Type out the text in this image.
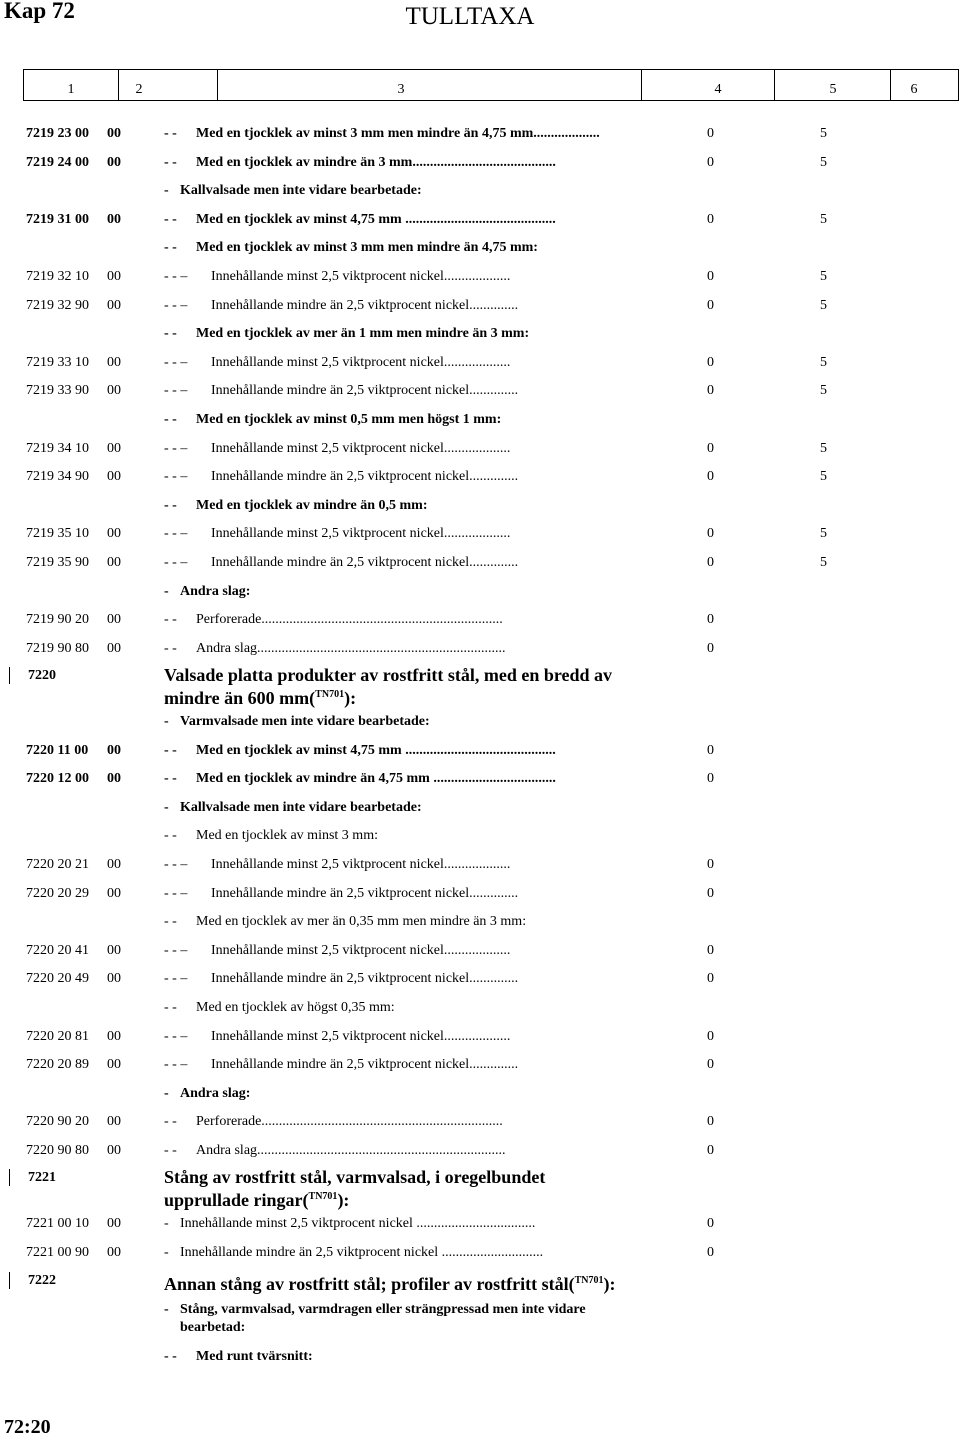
Kap 72	TULLTAXA
1	2	3	4	5	6
7219 23 00 00	- - Med en tjocklek av minst 3 mm men mindre än 4,75 mm...................	0	5
7219 24 00 00	- - Med en tjocklek av mindre än 3 mm.........................................	0	5
- Kallvalsade men inte vidare bearbetade:
7219 31 00 00	- - Med en tjocklek av minst 4,75 mm ...........................................	0	5
- - Med en tjocklek av minst 3 mm men mindre än 4,75 mm:
7219 32 10 00	- - – Innehållande minst 2,5 viktprocent nickel...................	0	5
7219 32 90 00	- - – Innehållande mindre än 2,5 viktprocent nickel..............	0	5
- - Med en tjocklek av mer än 1 mm men mindre än 3 mm:
7219 33 10 00	- - – Innehållande minst 2,5 viktprocent nickel...................	0	5
7219 33 90 00	- - – Innehållande mindre än 2,5 viktprocent nickel..............	0	5
- - Med en tjocklek av minst 0,5 mm men högst 1 mm:
7219 34 10 00	- - – Innehållande minst 2,5 viktprocent nickel...................	0	5
7219 34 90 00	- - – Innehållande mindre än 2,5 viktprocent nickel..............	0	5
- - Med en tjocklek av mindre än 0,5 mm:
7219 35 10 00	- - – Innehållande minst 2,5 viktprocent nickel...................	0	5
7219 35 90 00	- - – Innehållande mindre än 2,5 viktprocent nickel..............	0	5
- Andra slag:
7219 90 20 00	- - Perforerade.....................................................................	0
7219 90 80 00	- - Andra slag.......................................................................	0
7220	Valsade platta produkter av rostfritt stål, med en bredd av
mindre än 600 mm($^{TN701}$):
- Varmvalsade men inte vidare bearbetade:
7220 11 00 00	- - Med en tjocklek av minst 4,75 mm ...........................................	0
7220 12 00 00	- - Med en tjocklek av mindre än 4,75 mm ...................................	0
- Kallvalsade men inte vidare bearbetade:
- - Med en tjocklek av minst 3 mm:
7220 20 21 00	- - – Innehållande minst 2,5 viktprocent nickel...................	0
7220 20 29 00	- - – Innehållande mindre än 2,5 viktprocent nickel..............	0
- - Med en tjocklek av mer än 0,35 mm men mindre än 3 mm:
7220 20 41 00	- - – Innehållande minst 2,5 viktprocent nickel...................	0
7220 20 49 00	- - – Innehållande mindre än 2,5 viktprocent nickel..............	0
- - Med en tjocklek av högst 0,35 mm:
7220 20 81 00	- - – Innehållande minst 2,5 viktprocent nickel...................	0
7220 20 89 00	- - – Innehållande mindre än 2,5 viktprocent nickel..............	0
- Andra slag:
7220 90 20 00	- - Perforerade.....................................................................	0
7220 90 80 00	- - Andra slag.......................................................................	0
7221	Stång av rostfritt stål, varmvalsad, i oregelbundet
upprullade ringar($^{TN701}$):
7221 00 10 00	- Innehållande minst 2,5 viktprocent nickel ..................................	0
7221 00 90 00	- Innehållande mindre än 2,5 viktprocent nickel .............................	0
7222	Annan stång av rostfritt stål; profiler av rostfritt stål($^{TN701}$):
- Stång, varmvalsad, varmdragen eller strängpressad men inte vidare bearbetad:
- - Med runt tvärsnitt:
72:20
